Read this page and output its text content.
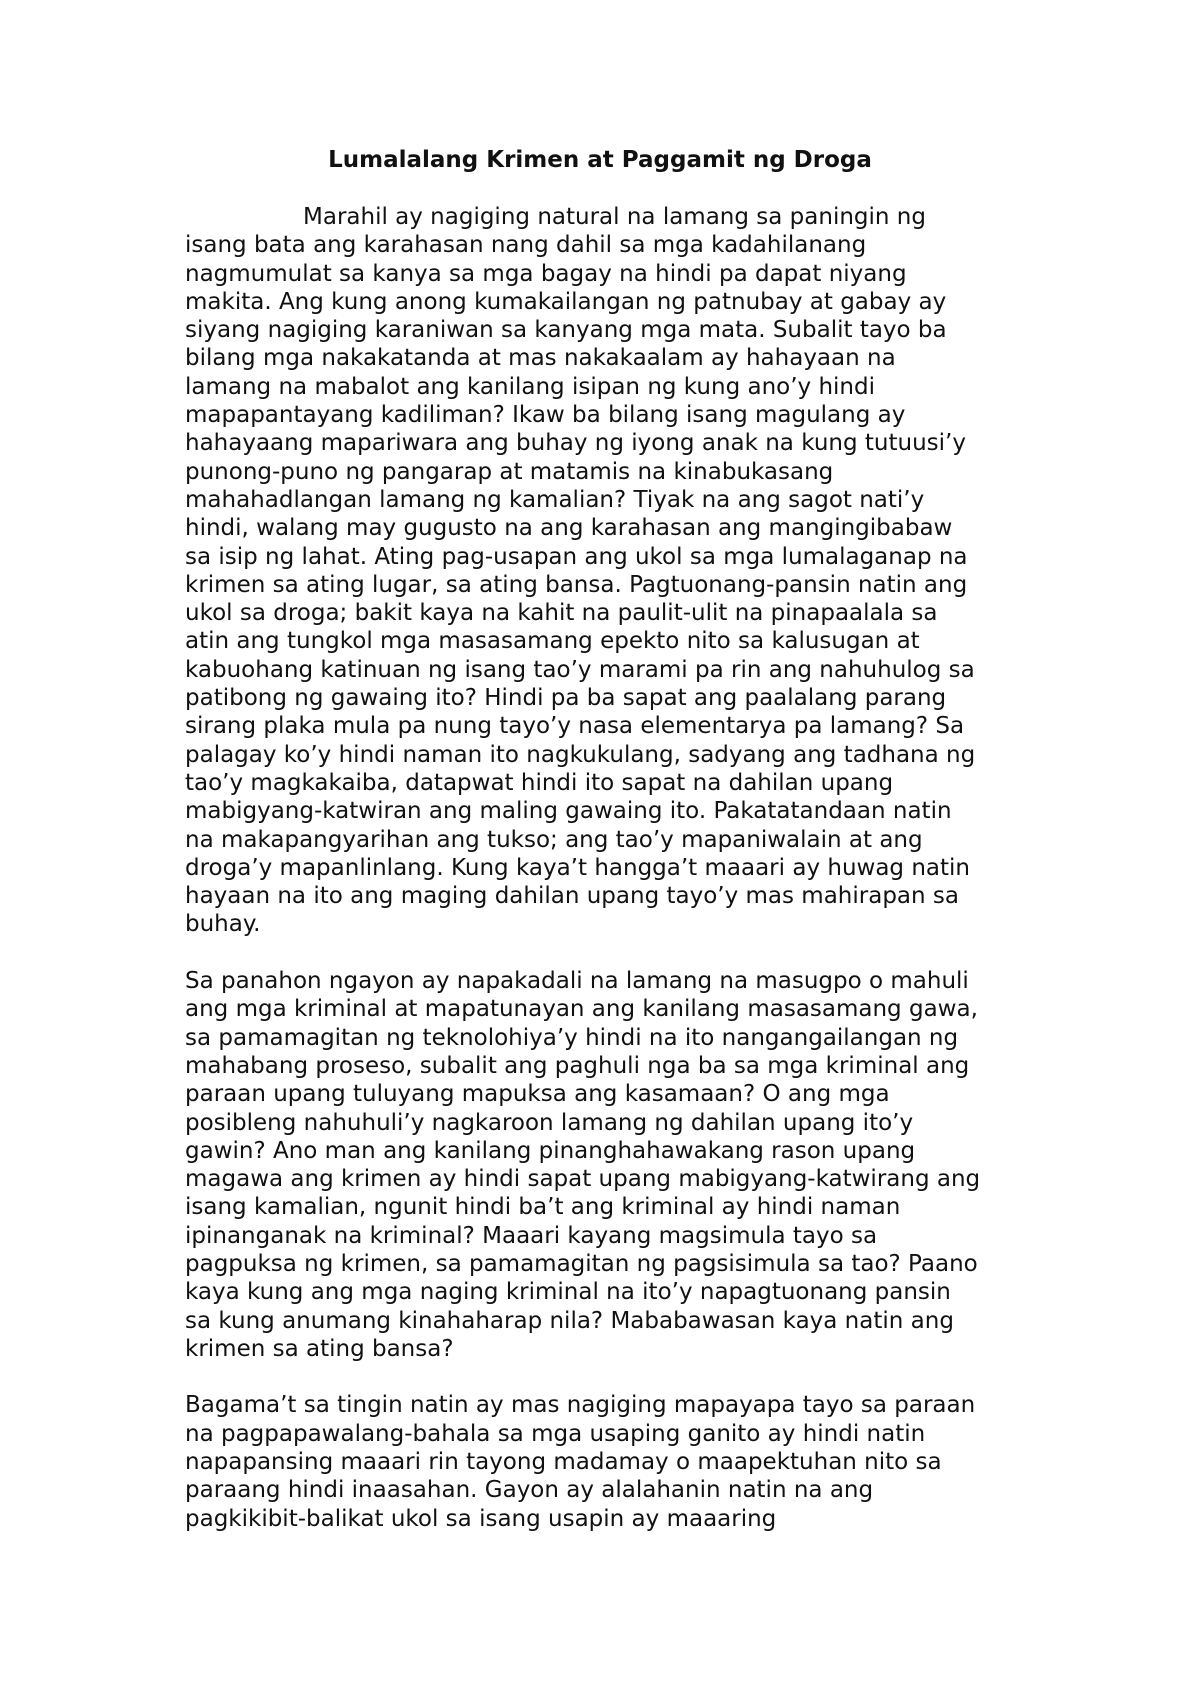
Lumalalang Krimen at Paggamit ng Droga
Marahil ay nagiging natural na lamang sa paningin ng
isang bata ang karahasan nang dahil sa mga kadahilanang
nagmumulat sa kanya sa mga bagay na hindi pa dapat niyang
makita. Ang kung anong kumakailangan ng patnubay at gabay ay
siyang nagiging karaniwan sa kanyang mga mata. Subalit tayo ba
bilang mga nakakatanda at mas nakakaalam ay hahayaan na
lamang na mabalot ang kanilang isipan ng kung ano’y hindi
mapapantayang kadiliman? Ikaw ba bilang isang magulang ay
hahayaang mapariwara ang buhay ng iyong anak na kung tutuusi’y
punong-puno ng pangarap at matamis na kinabukasang
mahahadlangan lamang ng kamalian? Tiyak na ang sagot nati’y
hindi, walang may gugusto na ang karahasan ang mangingibabaw
sa isip ng lahat. Ating pag-usapan ang ukol sa mga lumalaganap na
krimen sa ating lugar, sa ating bansa. Pagtuonang-pansin natin ang
ukol sa droga; bakit kaya na kahit na paulit-ulit na pinapaalala sa
atin ang tungkol mga masasamang epekto nito sa kalusugan at
kabuohang katinuan ng isang tao’y marami pa rin ang nahuhulog sa
patibong ng gawaing ito? Hindi pa ba sapat ang paalalang parang
sirang plaka mula pa nung tayo’y nasa elementarya pa lamang? Sa
palagay ko’y hindi naman ito nagkukulang, sadyang ang tadhana ng
tao’y magkakaiba, datapwat hindi ito sapat na dahilan upang
mabigyang-katwiran ang maling gawaing ito. Pakatatandaan natin
na makapangyarihan ang tukso; ang tao’y mapaniwalain at ang
droga’y mapanlinlang. Kung kaya’t hangga’t maaari ay huwag natin
hayaan na ito ang maging dahilan upang tayo’y mas mahirapan sa
buhay.
Sa panahon ngayon ay napakadali na lamang na masugpo o mahuli
ang mga kriminal at mapatunayan ang kanilang masasamang gawa,
sa pamamagitan ng teknolohiya’y hindi na ito nangangailangan ng
mahabang proseso, subalit ang paghuli nga ba sa mga kriminal ang
paraan upang tuluyang mapuksa ang kasamaan? O ang mga
posibleng nahuhuli’y nagkaroon lamang ng dahilan upang ito’y
gawin? Ano man ang kanilang pinanghahawakang rason upang
magawa ang krimen ay hindi sapat upang mabigyang-katwirang ang
isang kamalian, ngunit hindi ba’t ang kriminal ay hindi naman
ipinanganak na kriminal? Maaari kayang magsimula tayo sa
pagpuksa ng krimen, sa pamamagitan ng pagsisimula sa tao? Paano
kaya kung ang mga naging kriminal na ito’y napagtuonang pansin
sa kung anumang kinahaharap nila? Mababawasan kaya natin ang
krimen sa ating bansa?
Bagama’t sa tingin natin ay mas nagiging mapayapa tayo sa paraan
na pagpapawalang-bahala sa mga usaping ganito ay hindi natin
napapansing maaari rin tayong madamay o maapektuhan nito sa
paraang hindi inaasahan. Gayon ay alalahanin natin na ang
pagkikibit-balikat ukol sa isang usapin ay maaaring
